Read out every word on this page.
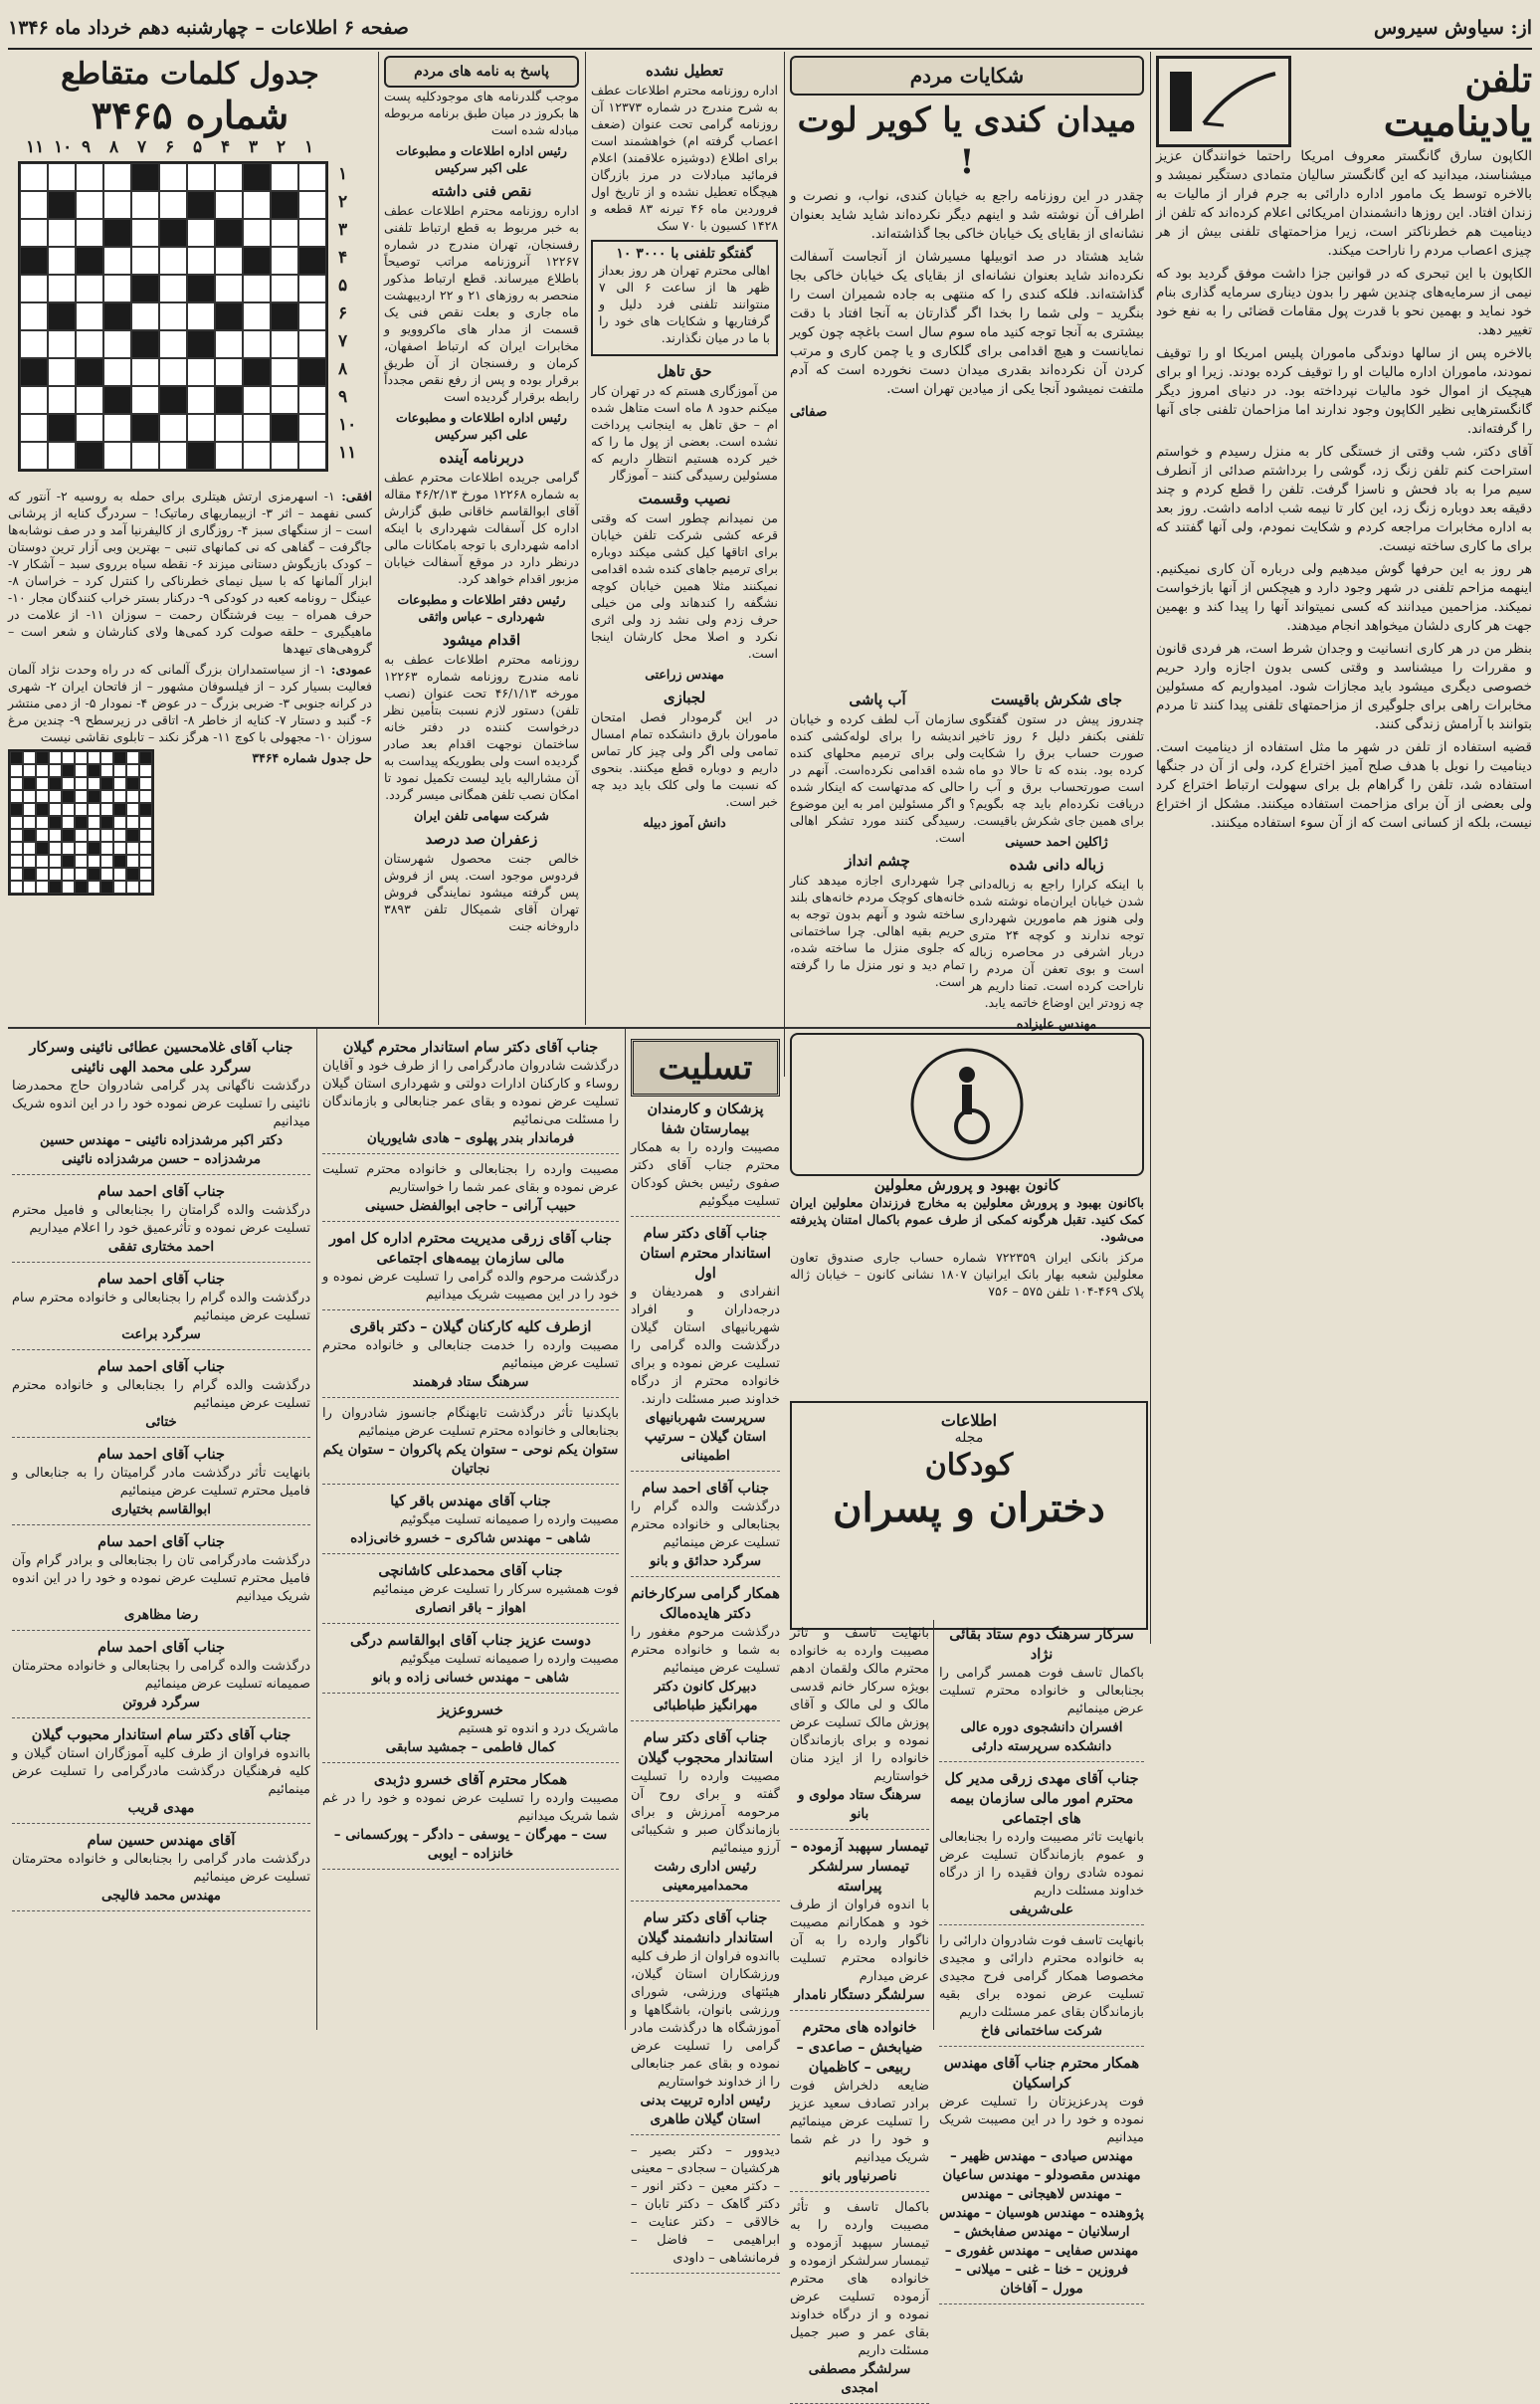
از: سیاوش سیروس
صفحه ۶ اطلاعات – چهارشنبه دهم خرداد ماه ۱۳۴۶
تلفن
یادینامیت

الکاپون سارق گانگستر معروف امریکا راحتما خوانندگان عزیز میشناسند، میدانید که این گانگستر سالیان متمادی دستگیر نمیشد و بالاخره توسط یک مامور اداره دارائی به جرم فرار از مالیات به زندان افتاد. این روزها دانشمندان امریکائی اعلام کرده‌اند که تلفن از دینامیت هم خطرناکتر است، زیرا مزاحمتهای تلفنی بیش از هر چیزی اعصاب مردم را ناراحت میکند.

الکاپون با این تبحری که در قوانین جزا داشت موفق گردید بود که نیمی از سرمایه‌های چندین شهر را بدون دیناری سرمایه گذاری بنام خود نماید و بهمین نحو با قدرت پول مقامات قضائی را به نفع خود تغییر دهد.

بالاخره پس از سالها دوندگی ماموران پلیس امریکا او را توقیف نمودند، ماموران اداره مالیات او را توقیف کرده بودند. زیرا او برای هیچیک از اموال خود مالیات نپرداخته بود. در دنیای امروز دیگر گانگسترهایی نظیر الکاپون وجود ندارند اما مزاحمان تلفنی جای آنها را گرفته‌اند.

آقای دکتر، شب وقتی از خستگی کار به منزل رسیدم و خواستم استراحت کنم تلفن زنگ زد، گوشی را برداشتم صدائی از آنطرف سیم مرا به باد فحش و ناسزا گرفت. تلفن را قطع کردم و چند دقیقه بعد دوباره زنگ زد، این کار تا نیمه شب ادامه داشت. روز بعد به اداره مخابرات مراجعه کردم و شکایت نمودم، ولی آنها گفتند که برای ما کاری ساخته نیست.

هر روز به این حرفها گوش میدهیم ولی درباره آن کاری نمیکنیم. اینهمه مزاحم تلفنی در شهر وجود دارد و هیچکس از آنها بازخواست نمیکند. مزاحمین میدانند که کسی نمیتواند آنها را پیدا کند و بهمین جهت هر کاری دلشان میخواهد انجام میدهند.

بنظر من در هر کاری انسانیت و وجدان شرط است، هر فردی قانون و مقررات را میشناسد و وقتی کسی بدون اجازه وارد حریم خصوصی دیگری میشود باید مجازات شود. امیدواریم که مسئولین مخابرات راهی برای جلوگیری از مزاحمتهای تلفنی پیدا کنند تا مردم بتوانند با آرامش زندگی کنند.

قضیه استفاده از تلفن در شهر ما مثل استفاده از دینامیت است. دینامیت را نوبل با هدف صلح آمیز اختراع کرد، ولی از آن در جنگها استفاده شد، تلفن را گراهام بل برای سهولت ارتباط اختراع کرد ولی بعضی از آن برای مزاحمت استفاده میکنند. مشکل از اختراع نیست، بلکه از کسانی است که از آن سوء استفاده میکنند.

شکایات مردم
میدان کندی یا کویر لوت !

چقدر در این روزنامه راجع به خیابان کندی، نواب، و نصرت و اطراف آن نوشته شد و اینهم دیگر نکرده‌اند شاید شاید بعنوان نشانه‌ای از بقایای یک خیابان خاکی بجا گذاشته‌اند.

شاید هشتاد در صد اتوبیلها مسیرشان از آنجاست آسفالت نکرده‌اند شاید بعنوان نشانه‌ای از بقایای یک خیابان خاکی بجا گذاشته‌اند. فلکه کندی را که منتهی به جاده شمیران است را بنگرید – ولی شما را بخدا اگر گذارتان به آنجا افتاد با دقت بیشتری به آنجا توجه کنید ماه سوم سال است باغچه چون کویر نمایانست و هیچ اقدامی برای گلکاری و یا چمن کاری و مرتب کردن آن نکرده‌اند بقدری میدان دست نخورده است که آدم ملتفت نمیشود آنجا یکی از میادین تهران است.

صفائی

آب پاشی

سازمان آب لطف کرده و خیابان اندیشه را برای لوله‌کشی کنده ولی برای ترمیم محلهای کنده شده اقدامی نکرده‌است. آنهم در حالی که مدتهاست که اینکار شده و اگر مسئولین امر به این موضوع رسیدگی کنند مورد تشکر اهالی است.

چشم انداز

چرا شهرداری اجازه میدهد کنار خانه‌های کوچک مردم خانه‌های بلند ساخته شود و آنهم بدون توجه به حریم بقیه اهالی. چرا ساختمانی که جلوی منزل ما ساخته شده، تمام دید و نور منزل ما را گرفته است.

جای شکرش باقیست

چندروز پیش در ستون گفتگوی تلفنی بکنفر دلیل ۶ روز تاخیر صورت حساب برق را شکایت کرده بود. بنده که تا حالا دو ماه است صورتحساب برق و آب را دریافت نکرده‌ام باید چه بگویم؟ برای همین جای شکرش باقیست.

ژاکلین احمد حسینی

زباله دانی شده

با اینکه کرارا راجع به زباله‌دانی شدن خیابان ایران‌ماه نوشته شده ولی هنوز هم مامورین شهرداری توجه ندارند و کوچه ۲۴ متری دربار اشرفی در محاصره زباله است و بوی تعفن آن مردم را ناراحت کرده است. تمنا داریم هر چه زودتر این اوضاع خاتمه یابد.

مهندس علیزاده

تعطیل نشده

اداره روزنامه محترم اطلاعات عطف به شرح مندرج در شماره ۱۲۳۷۳ آن روزنامه گرامی تحت عنوان (ضعف اعصاب گرفته ام) خواهشمند است برای اطلاع (دوشیزه علاقمند) اعلام فرمائید مبادلات در مرز بازرگان هیچگاه تعطیل نشده و از تاریخ اول فروردین ماه ۴۶ تیرنه ۸۳ قطعه و ۱۴۲۸ کسیون با ۷۰ سک

گفتگو تلفنی با ۳۰۰۰ ۱۰

اهالی محترم تهران هر روز بعداز ظهر ها از ساعت ۶ الی ۷ منتوانند تلفنی فرد دلیل و گرفتاریها و شکایات های خود را با ما در میان نگذارند.

حق تاهل

من آموزگاری هستم که در تهران کار میکنم حدود ۸ ماه است متاهل شده ام – حق تاهل به اینجانب پرداخت نشده است. بعضی از پول ما را که خیر کرده هستیم انتظار داریم که مسئولین رسیدگی کنند – آموزگار

نصیب وقسمت

من نمیدانم چطور است که وقتی قرعه کشی شرکت تلفن خیابان برای اتاقها کیل کشی میکند دوباره برای ترمیم جاهای کنده شده اقدامی نمیکنند مثلا همین خیابان کوچه نشگفه را کندهاند ولی من خیلی حرف زدم ولی نشد زد ولی اثری نکرد و اصلا محل کارشان اینجا است.

مهندس زراعتی

لجبازی

در این گرمودار فصل امتحان ماموران بارق دانشکده تمام امسال تمامی ولی اگر ولی چیز کار تماس داریم و دوباره قطع میکنند. بنحوی که نسبت ما ولی کلک باید دید چه خبر است.

دانش آموز دبیله

پاسخ به نامه های مردم

موجب گلدرنامه های موجودکلیه پست ها بکروز در میان طبق برنامه مربوطه مبادله شده است

رئیس اداره اطلاعات و مطبوعات علی اکبر سرکیس

نقص فنی داشته

اداره روزنامه محترم اطلاعات عطف به خبر مربوط به قطع ارتباط تلفنی رفسنجان، تهران مندرج در شماره ۱۲۲۶۷ آنروزنامه مراتب توصیحاً باطلاع میرساند. قطع ارتباط مذکور منحصر به روزهای ۲۱ و ۲۲ اردیبهشت ماه جاری و بعلت نقص فنی یک قسمت از مدار های ماکروویو و مخابرات ایران که ارتباط اصفهان، کرمان و رفسنجان از آن طریق برقرار بوده و پس از رفع نقص مجدداً رابطه برقرار گردیده است

رئیس اداره اطلاعات و مطبوعات علی اکبر سرکیس

دربرنامه آینده

گرامی جریده اطلاعات محترم عطف به شماره ۱۲۲۶۸ مورخ ۴۶/۲/۱۳ مقاله آقای ابوالقاسم خاقانی طبق گزارش اداره کل آسفالت شهرداری با اینکه ادامه شهرداری با توجه بامکانات مالی درنظر دارد در موقع آسفالت خیابان مزبور اقدام خواهد کرد.

رئیس دفتر اطلاعات و مطبوعات شهرداری – عباس واثقی

اقدام میشود

روزنامه محترم اطلاعات عطف به نامه مندرج روزنامه شماره ۱۲۲۶۳ مورخه ۴۶/۱/۱۳ تحت عنوان (نصب تلفن) دستور لازم نسبت بتأمین نظر درخواست کننده در دفتر خانه ساختمان نوجهت اقدام بعد صادر گردیده است ولی بطوریکه پیداست به آن مشارالیه باید لیست تکمیل نمود تا امکان نصب تلفن همگانی میسر گردد.

شرکت سهامی تلفن ایران

زعفران صد درصد

خالص جنت محصول شهرستان فردوس موجود است. پس از فروش پس گرفته میشود نمایندگی فروش تهران آقای شمیکال تلفن ۳۸۹۳ داروخانه جنت

جدول کلمات متقاطع
شماره ۳۴۶۵
۱
۲
۳
۴
۵
۶
۷
۸
۹
۱۰
۱۱
۱
۲
۳
۴
۵
۶
۷
۸
۹
۱۰
۱۱

افقی: ۱- اسهرمزی ارتش هیتلری برای حمله به روسیه ۲- آنتور که کسی نفهمد – اثر ۳- ازبیماریهای رماتیک! – سردرگ کنایه از پرشانی است – از سنگهای سبز ۴- روزگاری از کالیفرنیا آمد و در صف نوشابه‌ها جاگرفت – گفاهی که نی کمانهای تنبی – بهترین وبی آزار ترین دوستان – کودک بازیگوش دستانی میزند ۶- نقطه سیاه برروی سبد – آشکار ۷- ابزار آلمانها که با سیل نیمای خطرناکی را کنترل کرد – خراسان ۸- عینگل – رونامه کعبه در کودکی ۹- درکنار بستر خراب کنندگان مجار ۱۰- حرف همراه – بیت فرشتگان رحمت – سوزان ۱۱- از علامت در ماهیگیری – حلقه صولت کرد کمی‌ها ولای کنارشان و شعر است – گروهی‌های تیهدها

عمودی: ۱- از سیاستمداران بزرگ آلمانی که در راه وحدت نژاد آلمان فعالیت بسیار کرد – از فیلسوفان مشهور – از فاتحان ایران ۲- شهری در کرانه جنوبی ۳- ضربی بزرگ – در عوض ۴- نمودار ۵- از دمی منتشر ۶- گنبد و دستار ۷- کنایه از خاطر ۸- اتاقی در زیرسطح ۹- چندین مرغ سوزان ۱۰- مجهولی با کوچ ۱۱- هرگز نکند – تابلوی نقاشی نیست

حل جدول شماره ۳۴۶۴

کانون بهبود و پرورش معلولین

باکانون بهبود و پرورش معلولین به مخارج فرزندان معلولین ایران کمک کنید. تقبل هرگونه کمکی از طرف عموم باکمال امتنان پذیرفته می‌شود.

مرکز بانکی ایران ۷۲۲۳۵۹ شماره حساب جاری صندوق تعاون معلولین شعبه بهار بانک ایرانیان ۱۸۰۷ نشانی کانون – خیابان ژاله پلاک ۴۶۹-۱۰۴ تلفن ۵۷۵ – ۷۵۶

اطلاعات
مجله
کودکان
دختران و پسران
تسلیت
پزشکان و کارمندان بیمارستان شفا
مصیبت وارده را به همکار محترم جناب آقای دکتر صفوی رئیس بخش کودکان تسلیت میگوئیم
جناب آقای دکتر سام استاندار محترم استان اول
انفرادی و همردیفان و درجه‌داران و افراد شهربانیهای استان گیلان درگذشت والده گرامی را تسلیت عرض نموده و برای خانواده محترم از درگاه خداوند صبر مسئلت دارند.
سرپرست شهربانیهای استان گیلان – سرتیپ اطمینانی
جناب آقای احمد سام
درگذشت والده گرام را بجنابعالی و خانواده محترم تسلیت عرض مینمائیم
سرگرد حدائق و بانو
همکار گرامی سرکارخانم دکتر هایده‌مالک
درگذشت مرحوم مغفور را به شما و خانواده محترم تسلیت عرض مینمائیم
دبیرکل کانون دکتر مهرانگیز طباطبائی
جناب آقای دکتر سام استاندار محجوب گیلان
مصیبت وارده را تسلیت گفته و برای روح آن مرحومه آمرزش و برای بازماندگان صبر و شکیبائی آرزو مینمائیم
رئیس اداری رشت محمدامیرمعینی
جناب آقای دکتر سام استاندار دانشمند گیلان
بااندوه فراوان از طرف کلیه ورزشکاران استان گیلان، هیئتهای ورزشی، شورای ورزشی بانوان، باشگاهها و آموزشگاه ها درگذشت مادر گرامی را تسلیت عرض نموده و بقای عمر جنابعالی را از خداوند خواستاریم
رئیس اداره تربیت بدنی استان گیلان طاهری
دیدوور – دکتر بصیر – هرکشیان – سجادی – معینی – دکتر معین – دکتر انور – دکتر گاهک – دکتر تابان – خالاقی – دکتر عنایت – ابراهیمی – فاضل – فرمانشاهی – داودی
جناب آقای دکتر سام استاندار محترم گیلان
درگذشت شادروان مادرگرامی را از طرف خود و آقایان روساء و کارکنان ادارات دولتی و شهرداری استان گیلان تسلیت عرض نموده و بقای عمر جنابعالی و بازماندگان را مسئلت می‌نمائیم
فرماندار بندر پهلوی – هادی شایوریان
مصیبت وارده را بجنابعالی و خانواده محترم تسلیت عرض نموده و بقای عمر شما را خواستاریم
حبیب آرانی – حاجی ابوالفضل حسینی
جناب آقای زرقی مدیریت محترم اداره کل امور مالی سازمان بیمه‌های اجتماعی
درگذشت مرحوم والده گرامی را تسلیت عرض نموده و خود را در این مصیبت شریک میدانیم
ازطرف کلیه کارکنان گیلان – دکتر باقری
مصیبت وارده را خدمت جنابعالی و خانواده محترم تسلیت عرض مینمائیم
سرهنگ ستاد فرهمند
باپکدنیا تأثر درگذشت تابهنگام جانسوز شادروان را بجنابعالی و خانواده محترم تسلیت عرض مینمائیم
ستوان یکم نوحی – ستوان یکم پاکروان – ستوان یکم نجاتیان
جناب آقای مهندس باقر کیا
مصیبت وارده را صمیمانه تسلیت میگوئیم
شاهی – مهندس شاکری – خسرو خانی‌زاده
جناب آقای محمدعلی کاشانچی
فوت همشیره سرکار را تسلیت عرض مینمائیم
اهواز – باقر انصاری
دوست عزیز جناب آقای ابوالقاسم درگی
مصیبت وارده را صمیمانه تسلیت میگوئیم
شاهی – مهندس خسانی زاده و بانو
خسروعزیز
ماشریک درد و اندوه تو هستیم
کمال فاطمی – جمشید سابقی
همکار محترم آقای خسرو دژبدی
مصیبت وارده را تسلیت عرض نموده و خود را در غم شما شریک میدانیم
ست – مهرگان – یوسفی – دادگر – پورکسمانی – خانزاده – ایوبی
جناب آقای غلامحسین عطائی نائینی وسرکار سرگرد علی محمد الهی نائینی
درگذشت ناگهانی پدر گرامی شادروان حاج محمدرضا نائینی را تسلیت عرض نموده خود را در این اندوه شریک میدانیم
دکتر اکبر مرشدزاده نائینی – مهندس حسین مرشدزاده – حسن مرشدزاده نائینی
جناب آقای احمد سام
درگذشت والده گرامتان را بجنابعالی و فامیل محترم تسلیت عرض نموده و تأثرعمیق خود را اعلام میداریم
احمد مختاری تفقی
جناب آقای احمد سام
درگذشت والده گرام را بجنابعالی و خانواده محترم سام تسلیت عرض مینمائیم
سرگرد براعت
جناب آقای احمد سام
درگذشت والده گرام را بجنابعالی و خانواده محترم تسلیت عرض مینمائیم
ختائی
جناب آقای احمد سام
بانهایت تأثر درگذشت مادر گرامیتان را به جنابعالی و فامیل محترم تسلیت عرض مینمائیم
ابوالقاسم بختیاری
جناب آقای احمد سام
درگذشت مادرگرامی تان را بجنابعالی و برادر گرام وآن فامیل محترم تسلیت عرض نموده و خود را در این اندوه شریک میدانیم
رضا مظاهری
جناب آقای احمد سام
درگذشت والده گرامی را بجنابعالی و خانواده محترمتان صمیمانه تسلیت عرض مینمائیم
سرگرد فروتن
جناب آقای دکتر سام استاندار محبوب گیلان
بااندوه فراوان از طرف کلیه آموزگاران استان گیلان و کلیه فرهنگیان درگذشت مادرگرامی را تسلیت عرض مینمائیم
مهدی قریب
آقای مهندس حسین سام
درگذشت مادر گرامی را بجنابعالی و خانواده محترمتان تسلیت عرض مینمائیم
مهندس محمد فالیجی
بانهایت تاسف و تاثر مصیبت وارده به خانواده محترم مالک ولقمان ادهم بویژه سرکار خانم قدسی مالک و لی مالک و آقای پوزش مالک تسلیت عرض نموده و برای بازماندگان خانواده را از ایزد منان خواستاریم
سرهنگ ستاد مولوی و بانو
تیمسار سپهبد آزموده – تیمسار سرلشکر پیراسته
با اندوه فراوان از طرف خود و همکارانم مصیبت ناگوار وارده را به آن خانواده محترم تسلیت عرض میدارم
سرلشگر دستگار نامدار
خانواده های محترم ضیابخش – صاعدی – ربیعی – کاظمیان
ضایعه دلخراش فوت برادر تصادف سعید عزیز را تسلیت عرض مینمائیم و خود را در غم شما شریک میدانیم
ناصرنیاور بانو
باکمال تاسف و تأثر مصیبت وارده را به تیمسار سپهبد آزموده و تیمسار سرلشکر ازموده و خانواده های محترم آزموده تسلیت عرض نموده و از درگاه خداوند بقای عمر و صبر جمیل مسئلت داریم
سرلشگر مصطفی امجدی
سرکار سرهنگ دوم ستاد بقائی نژاد
باکمال تاسف فوت همسر گرامی را بجنابعالی و خانواده محترم تسلیت عرض مینمائیم
افسران دانشجوی دوره عالی دانشکده سرپرسته دارئی
جناب آقای مهدی زرقی مدیر کل محترم امور مالی سازمان بیمه های اجتماعی
بانهایت تاثر مصیبت وارده را بجنابعالی و عموم بازماندگان تسلیت عرض نموده شادی روان فقیده را از درگاه خداوند مسئلت داریم
علی‌شریفی
بانهایت تاسف فوت شادروان دارائی را به خانواده محترم دارائی و مجیدی مخصوصا همکار گرامی فرح مجیدی تسلیت عرض نموده برای بقیه بازماندگان بقای عمر مسئلت داریم
شرکت ساختمانی فاخ
همکار محترم جناب آقای مهندس کراسکیان
فوت پدرعزیزتان را تسلیت عرض نموده و خود را در این مصیبت شریک میدانیم
مهندس صیادی – مهندس ظهیر – مهندس مقصودلو – مهندس ساعیان – مهندس لاهیجانی – مهندس پژوهنده – مهندس هوسیان – مهندس ارسلانیان – مهندس صفابخش – مهندس صفایی – مهندس غفوری – فروزین – خنا – غنی – میلانی – مورل – آفاخان
